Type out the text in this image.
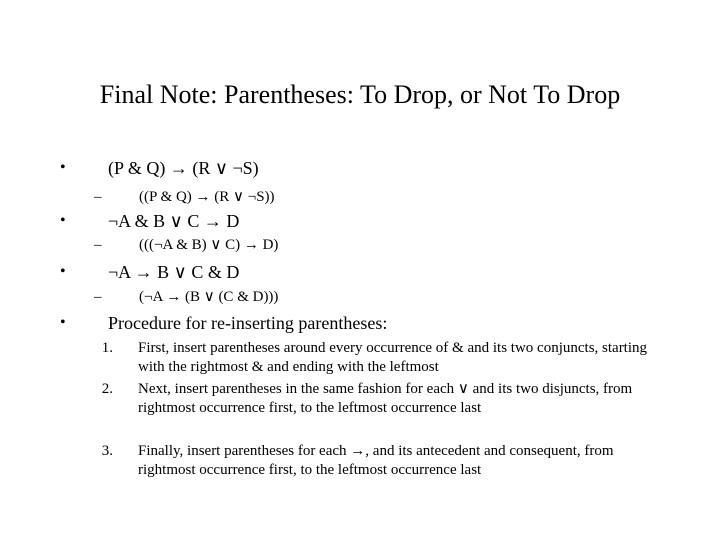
Final Note: Parentheses: To Drop, or Not To Drop
• (P & Q) → (R ∨ ¬S)
–	((P & Q) → (R ∨ ¬S))
• ¬A & B ∨ C → D
–	(((¬A & B) ∨ C) → D)
• ¬A → B ∨ C & D
–	(¬A → (B ∨ (C & D)))
• Procedure for re-inserting parentheses:
1. First, insert parentheses around every occurrence of & and its two conjuncts, starting with the rightmost & and ending with the leftmost
2. Next, insert parentheses in the same fashion for each ∨ and its two disjuncts, from rightmost occurrence first, to the leftmost occurrence last
3. Finally, insert parentheses for each →, and its antecedent and consequent, from rightmost occurrence first, to the leftmost occurrence last
